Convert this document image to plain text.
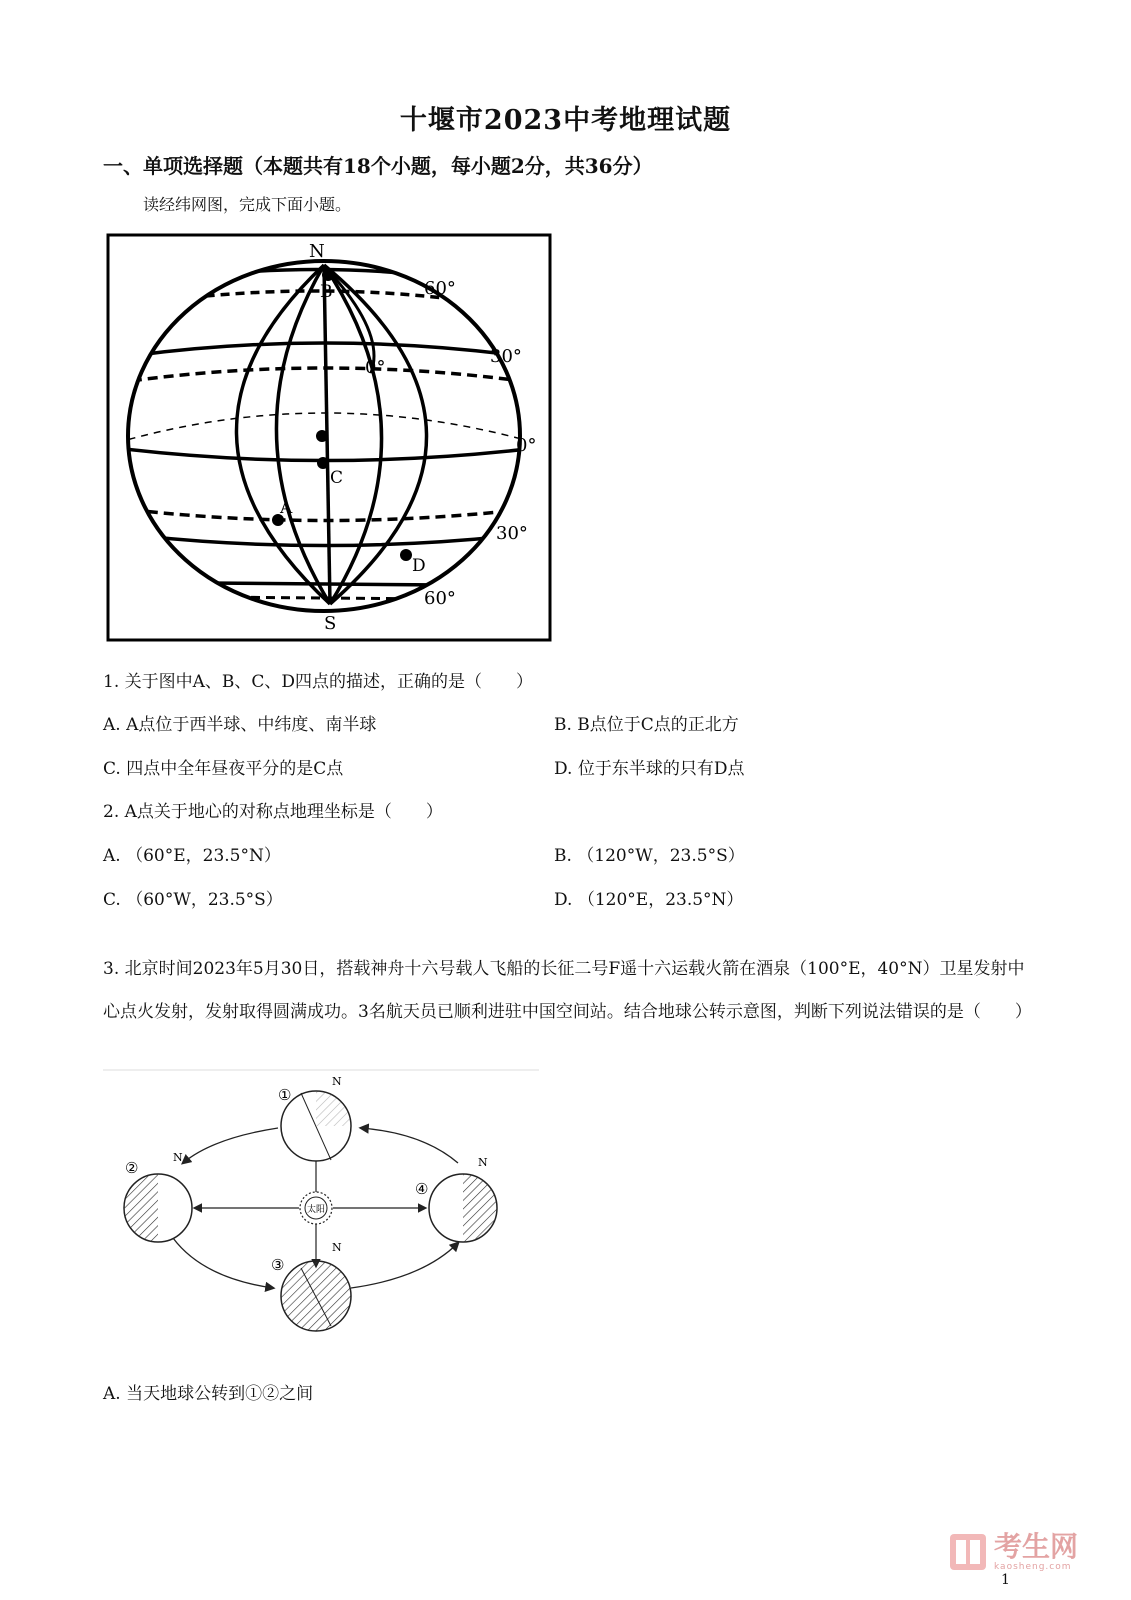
十堰市2023中考地理试题
一、单项选择题（本题共有18个小题，每小题2分，共36分）
读经纬网图，完成下面小题。
N
S
B
C
A
D
60°
30°
0°
0°
30°
60°
1. 关于图中A、B、C、D四点的描述，正确的是（　　）
A. A点位于西半球、中纬度、南半球	B. B点位于C点的正北方
C. 四点中全年昼夜平分的是C点	D. 位于东半球的只有D点
2. A点关于地心的对称点地理坐标是（　　）
A. （60°E，23.5°N）	B. （120°W，23.5°S）
C. （60°W，23.5°S）	D. （120°E，23.5°N）
3. 北京时间2023年5月30日，搭载神舟十六号载人飞船的长征二号F遥十六运载火箭在酒泉（100°E，40°N）卫星发射中心点火发射，发射取得圆满成功。3名航天员已顺利进驻中国空间站。结合地球公转示意图，判断下列说法错误的是（　　）
太阳
①
N
②
N
③
N
④
N
A. 当天地球公转到①②之间
考生网
kaosheng.com
1
